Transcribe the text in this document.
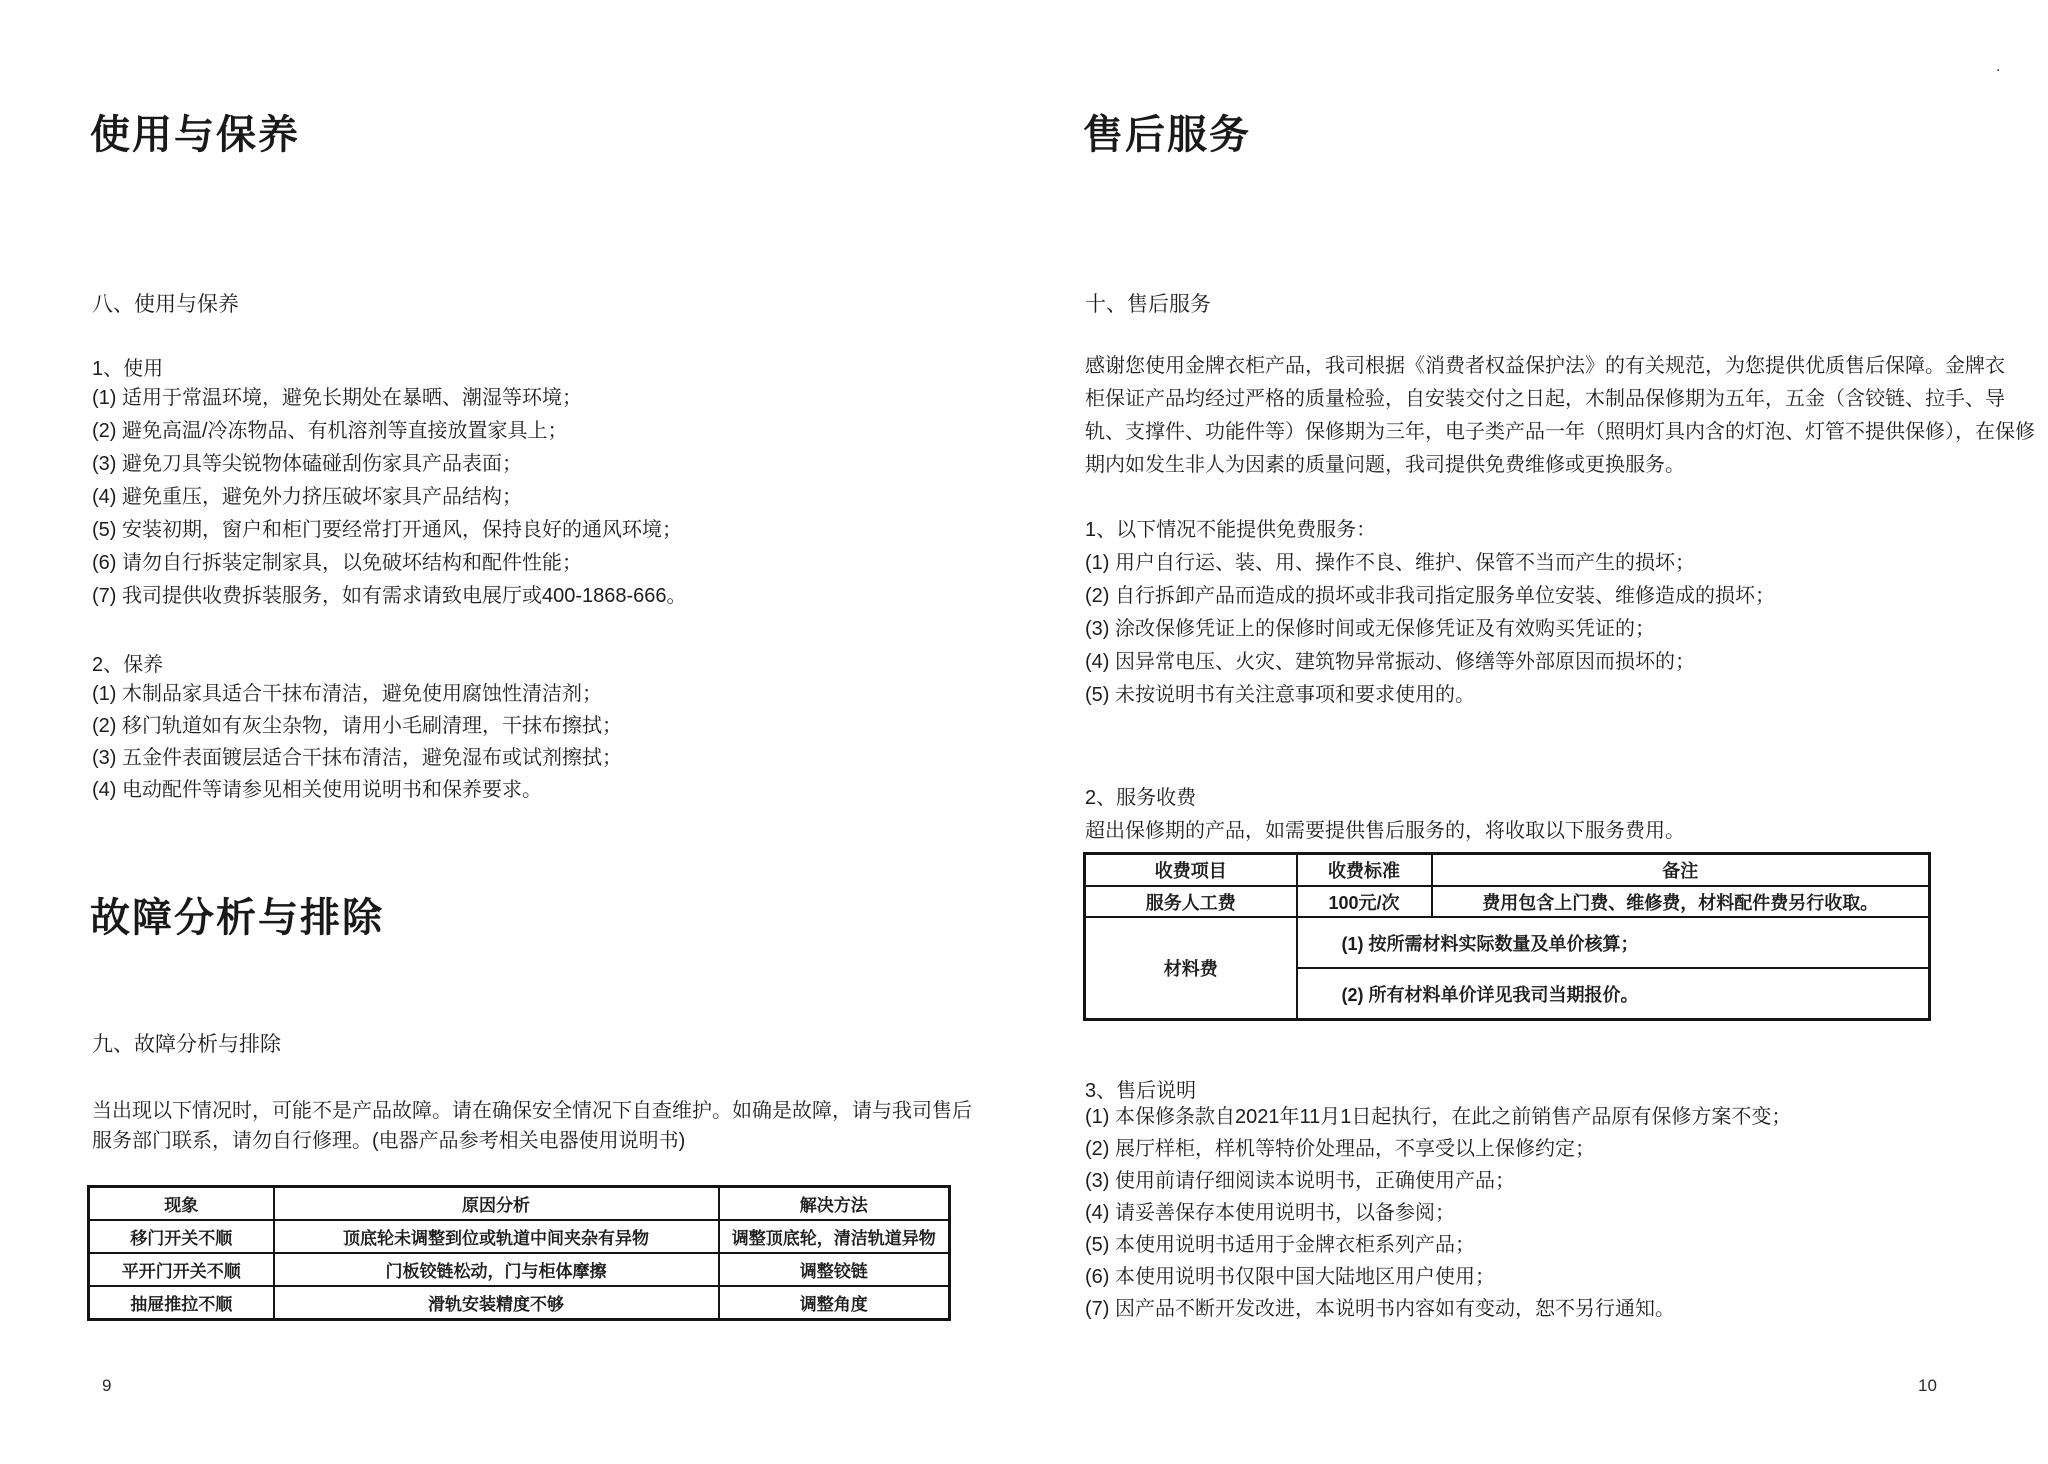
使用与保养
八、使用与保养
1、使用
(1) 适用于常温环境，避免长期处在暴晒、潮湿等环境；
(2) 避免高温/冷冻物品、有机溶剂等直接放置家具上；
(3) 避免刀具等尖锐物体磕碰刮伤家具产品表面；
(4) 避免重压，避免外力挤压破坏家具产品结构；
(5) 安装初期，窗户和柜门要经常打开通风，保持良好的通风环境；
(6) 请勿自行拆装定制家具，以免破坏结构和配件性能；
(7) 我司提供收费拆装服务，如有需求请致电展厅或400-1868-666。
2、保养
(1) 木制品家具适合干抹布清洁，避免使用腐蚀性清洁剂；
(2) 移门轨道如有灰尘杂物，请用小毛刷清理，干抹布擦拭；
(3) 五金件表面镀层适合干抹布清洁，避免湿布或试剂擦拭；
(4) 电动配件等请参见相关使用说明书和保养要求。
故障分析与排除
九、故障分析与排除
当出现以下情况时，可能不是产品故障。请在确保安全情况下自查维护。如确是故障，请与我司售后
服务部门联系，请勿自行修理。(电器产品参考相关电器使用说明书)
现象	原因分析	解决方法
移门开关不顺	顶底轮未调整到位或轨道中间夹杂有异物	调整顶底轮，清洁轨道异物
平开门开关不顺	门板铰链松动，门与柜体摩擦	调整铰链
抽屉推拉不顺	滑轨安装精度不够	调整角度
9
.
售后服务
十、售后服务
感谢您使用金牌衣柜产品，我司根据《消费者权益保护法》的有关规范，为您提供优质售后保障。金牌衣
柜保证产品均经过严格的质量检验，自安装交付之日起，木制品保修期为五年，五金（含铰链、拉手、导
轨、支撑件、功能件等）保修期为三年，电子类产品一年（照明灯具内含的灯泡、灯管不提供保修），在保修
期内如发生非人为因素的质量问题，我司提供免费维修或更换服务。
1、以下情况不能提供免费服务：
(1) 用户自行运、装、用、操作不良、维护、保管不当而产生的损坏；
(2) 自行拆卸产品而造成的损坏或非我司指定服务单位安装、维修造成的损坏；
(3) 涂改保修凭证上的保修时间或无保修凭证及有效购买凭证的；
(4) 因异常电压、火灾、建筑物异常振动、修缮等外部原因而损坏的；
(5) 未按说明书有关注意事项和要求使用的。
2、服务收费
超出保修期的产品，如需要提供售后服务的，将收取以下服务费用。
收费项目	收费标准	备注
服务人工费	100元/次	费用包含上门费、维修费，材料配件费另行收取。
材料费	(1) 按所需材料实际数量及单价核算；	
	(2) 所有材料单价详见我司当期报价。	
3、售后说明
(1) 本保修条款自2021年11月1日起执行，在此之前销售产品原有保修方案不变；
(2) 展厅样柜，样机等特价处理品，不享受以上保修约定；
(3) 使用前请仔细阅读本说明书，正确使用产品；
(4) 请妥善保存本使用说明书，以备参阅；
(5) 本使用说明书适用于金牌衣柜系列产品；
(6) 本使用说明书仅限中国大陆地区用户使用；
(7) 因产品不断开发改进，本说明书内容如有变动，恕不另行通知。
10
